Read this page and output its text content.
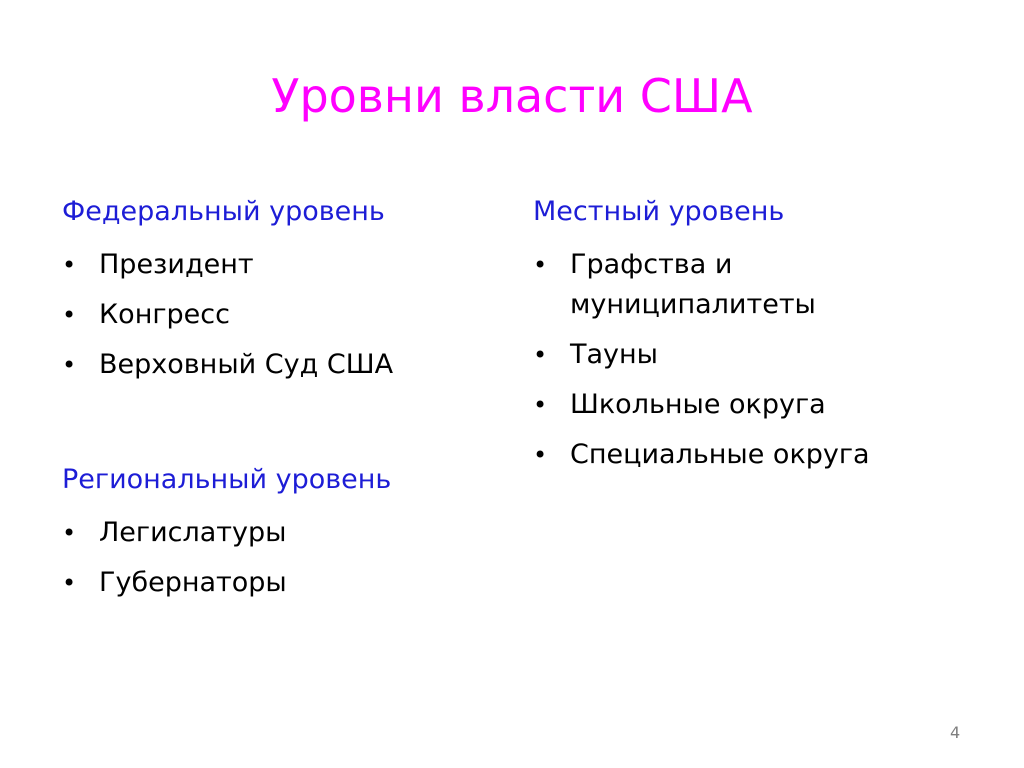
Уровни власти США
Федеральный уровень
• Президент
• Конгресс
• Верховный Суд США
Региональный уровень
• Легислатуры
• Губернаторы
Местный уровень
• Графства и муниципалитеты
• Тауны
• Школьные округа
• Специальные округа
4
